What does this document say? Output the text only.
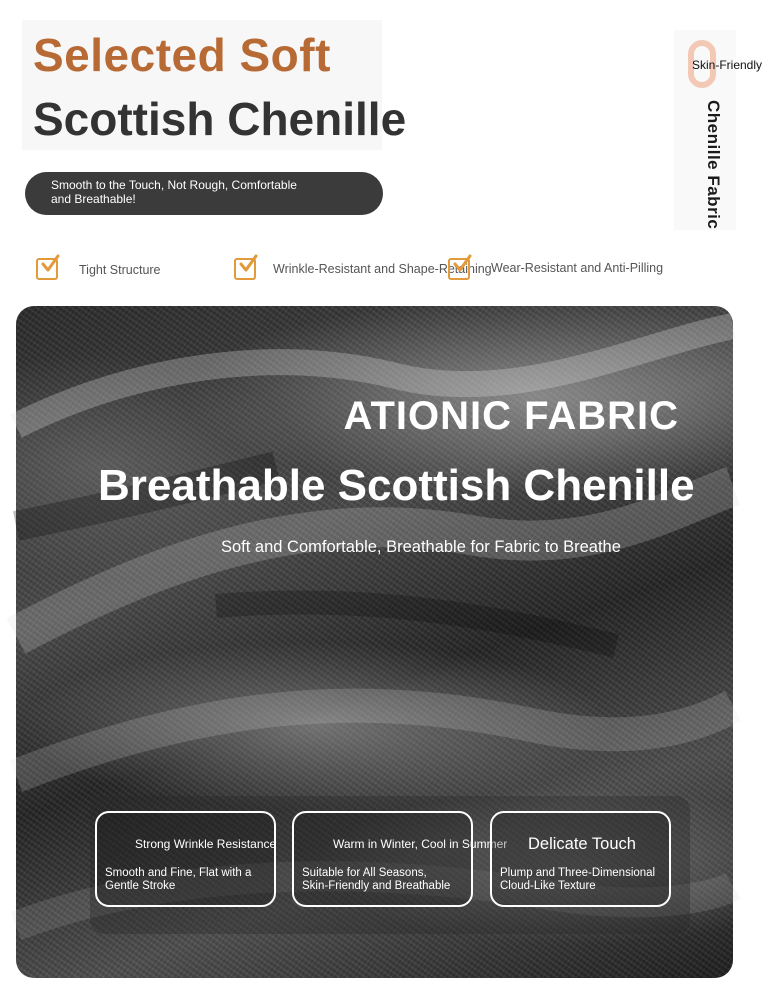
Selected Soft
Scottish Chenille
Smooth to the Touch, Not Rough, Comfortable
and Breathable!
Skin-Friendly
Chenille Fabric
Tight Structure	Wrinkle-Resistant and Shape-Retaining Wear-Resistant and Anti-Pilling
ATIONIC FABRIC
Breathable Scottish Chenille
Soft and Comfortable, Breathable for Fabric to Breathe
Strong Wrinkle Resistance
Smooth and Fine, Flat with a
Gentle Stroke
Warm in Winter, Cool in Summer
Suitable for All Seasons,
Skin-Friendly and Breathable
Delicate Touch
Plump and Three-Dimensional
Cloud-Like Texture
